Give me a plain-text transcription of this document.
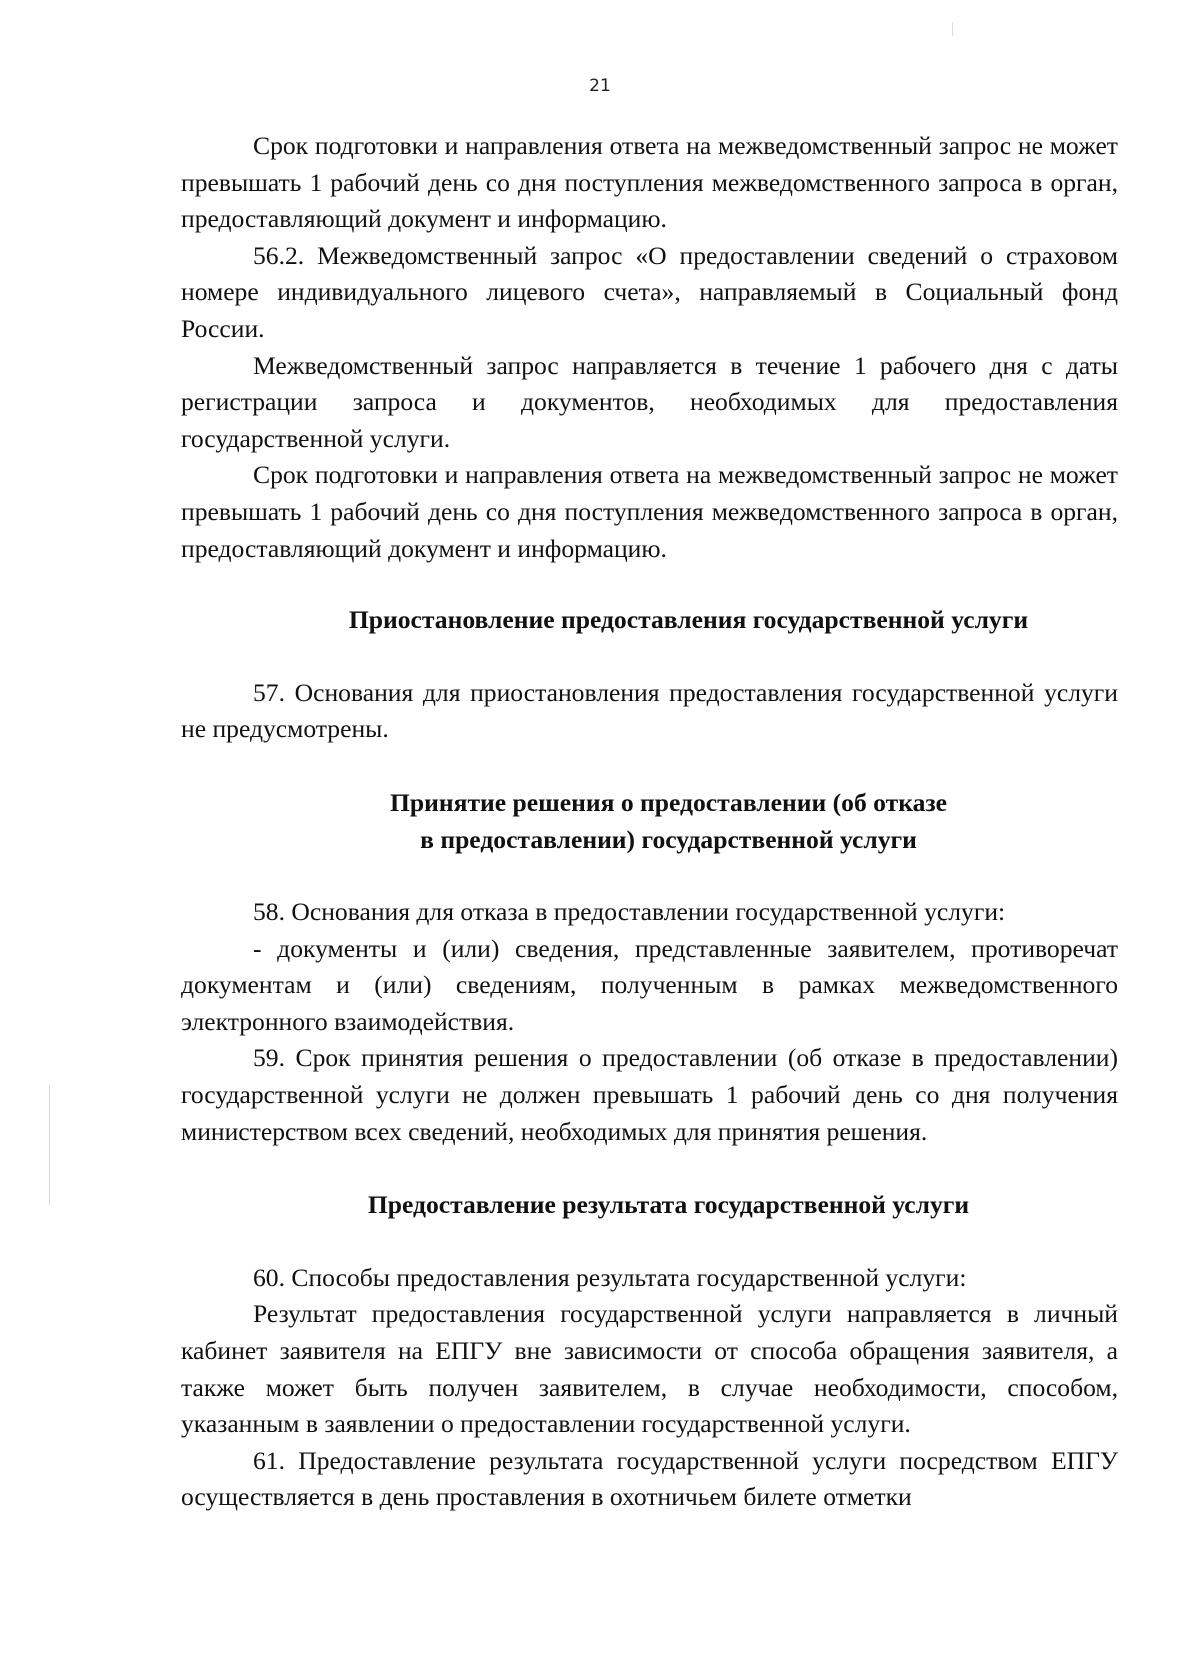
21

Срок подготовки и направления ответа на межведомственный запрос не может превышать 1 рабочий день со дня поступления межведомственного запроса в орган, предоставляющий документ и информацию.

56.2. Межведомственный запрос «О предоставлении сведений о страховом номере индивидуального лицевого счета», направляемый в Социальный фонд России.

Межведомственный запрос направляется в течение 1 рабочего дня с даты регистрации запроса и документов, необходимых для предоставления государственной услуги.

Срок подготовки и направления ответа на межведомственный запрос не может превышать 1 рабочий день со дня поступления межведомственного запроса в орган, предоставляющий документ и информацию.

Приостановление предоставления государственной услуги

57. Основания для приостановления предоставления государственной услуги не предусмотрены.

Принятие решения о предоставлении (об отказе
в предоставлении) государственной услуги

58. Основания для отказа в предоставлении государственной услуги:

- документы и (или) сведения, представленные заявителем, противоречат документам и (или) сведениям, полученным в рамках межведомственного электронного взаимодействия.

59. Срок принятия решения о предоставлении (об отказе в предоставлении) государственной услуги не должен превышать 1 рабочий день со дня получения министерством всех сведений, необходимых для принятия решения.

Предоставление результата государственной услуги

60. Способы предоставления результата государственной услуги:

Результат предоставления государственной услуги направляется в личный кабинет заявителя на ЕПГУ вне зависимости от способа обращения заявителя, а также может быть получен заявителем, в случае необходимости, способом, указанным в заявлении о предоставлении государственной услуги.

61. Предоставление результата государственной услуги посредством ЕПГУ осуществляется в день проставления в охотничьем билете отметки
